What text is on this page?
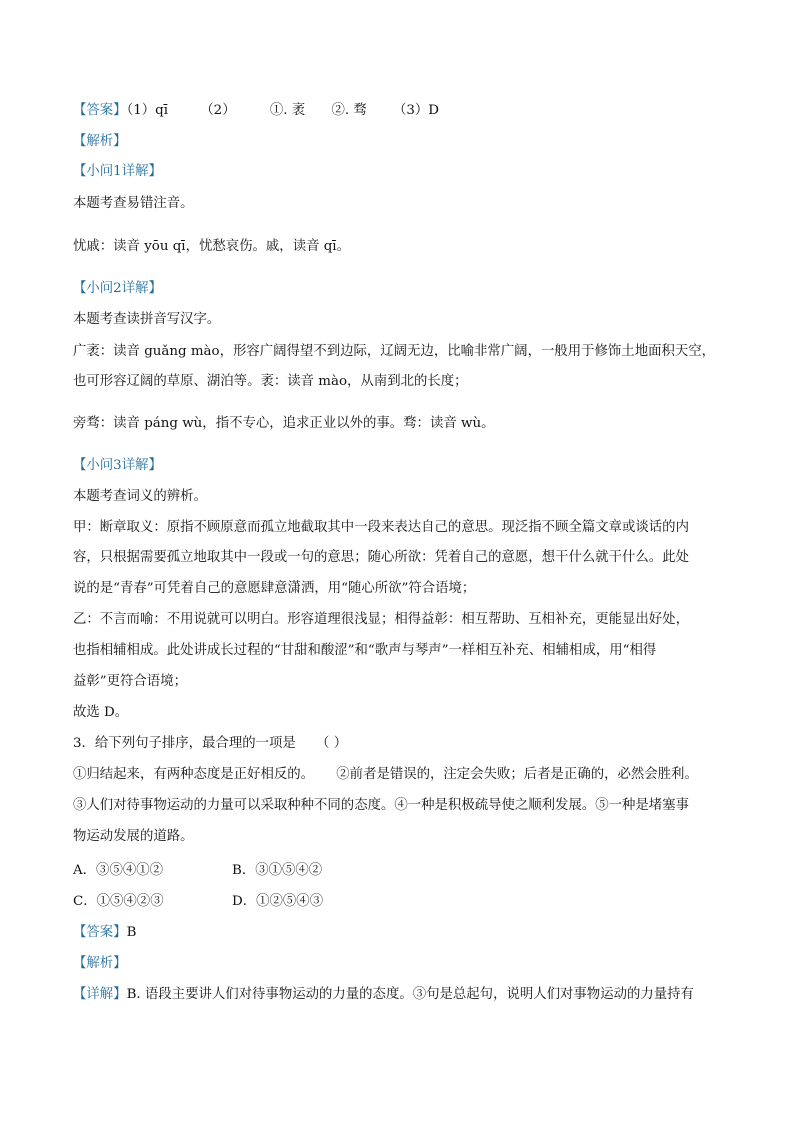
【答案】（1）qī （2）	①. 袤 ②. 骛 （3）D
【解析】
【小问1详解】
本题考查易错注音。
忧戚：读音 yōu qī，忧愁哀伤。戚，读音 qī。
【小问2详解】
本题考查读拼音写汉字。
广袤：读音 guǎng mào，形容广阔得望不到边际，辽阔无边，比喻非常广阔，一般用于修饰土地面积天空，
也可形容辽阔的草原、湖泊等。袤：读音 mào，从南到北的长度；
旁骛：读音 páng wù，指不专心，追求正业以外的事。骛：读音 wù。
【小问3详解】
本题考查词义的辨析。
甲：断章取义：原指不顾原意而孤立地截取其中一段来表达自己的意思。现泛指不顾全篇文章或谈话的内
容，只根据需要孤立地取其中一段或一句的意思；随心所欲：凭着自己的意愿，想干什么就干什么。此处
说的是“青春”可凭着自己的意愿肆意潇洒，用“随心所欲”符合语境；
乙：不言而喻：不用说就可以明白。形容道理很浅显；相得益彰：相互帮助、互相补充，更能显出好处，
也指相辅相成。此处讲成长过程的“甘甜和酸涩”和“歌声与琴声”一样相互补充、相辅相成，用“相得
益彰”更符合语境；
故选 D。
3．给下列句子排序，最合理的一项是 （ ）
①归结起来，有两种态度是正好相反的。 ②前者是错误的，注定会失败；后者是正确的，必然会胜利。
③人们对待事物运动的力量可以采取种种不同的态度。④一种是积极疏导使之顺利发展。⑤一种是堵塞事
物运动发展的道路。
A．③⑤④①②	B．③①⑤④②
C．①⑤④②③	D．①②⑤④③
【答案】B
【解析】
【详解】B. 语段主要讲人们对待事物运动的力量的态度。③句是总起句，说明人们对事物运动的力量持有
